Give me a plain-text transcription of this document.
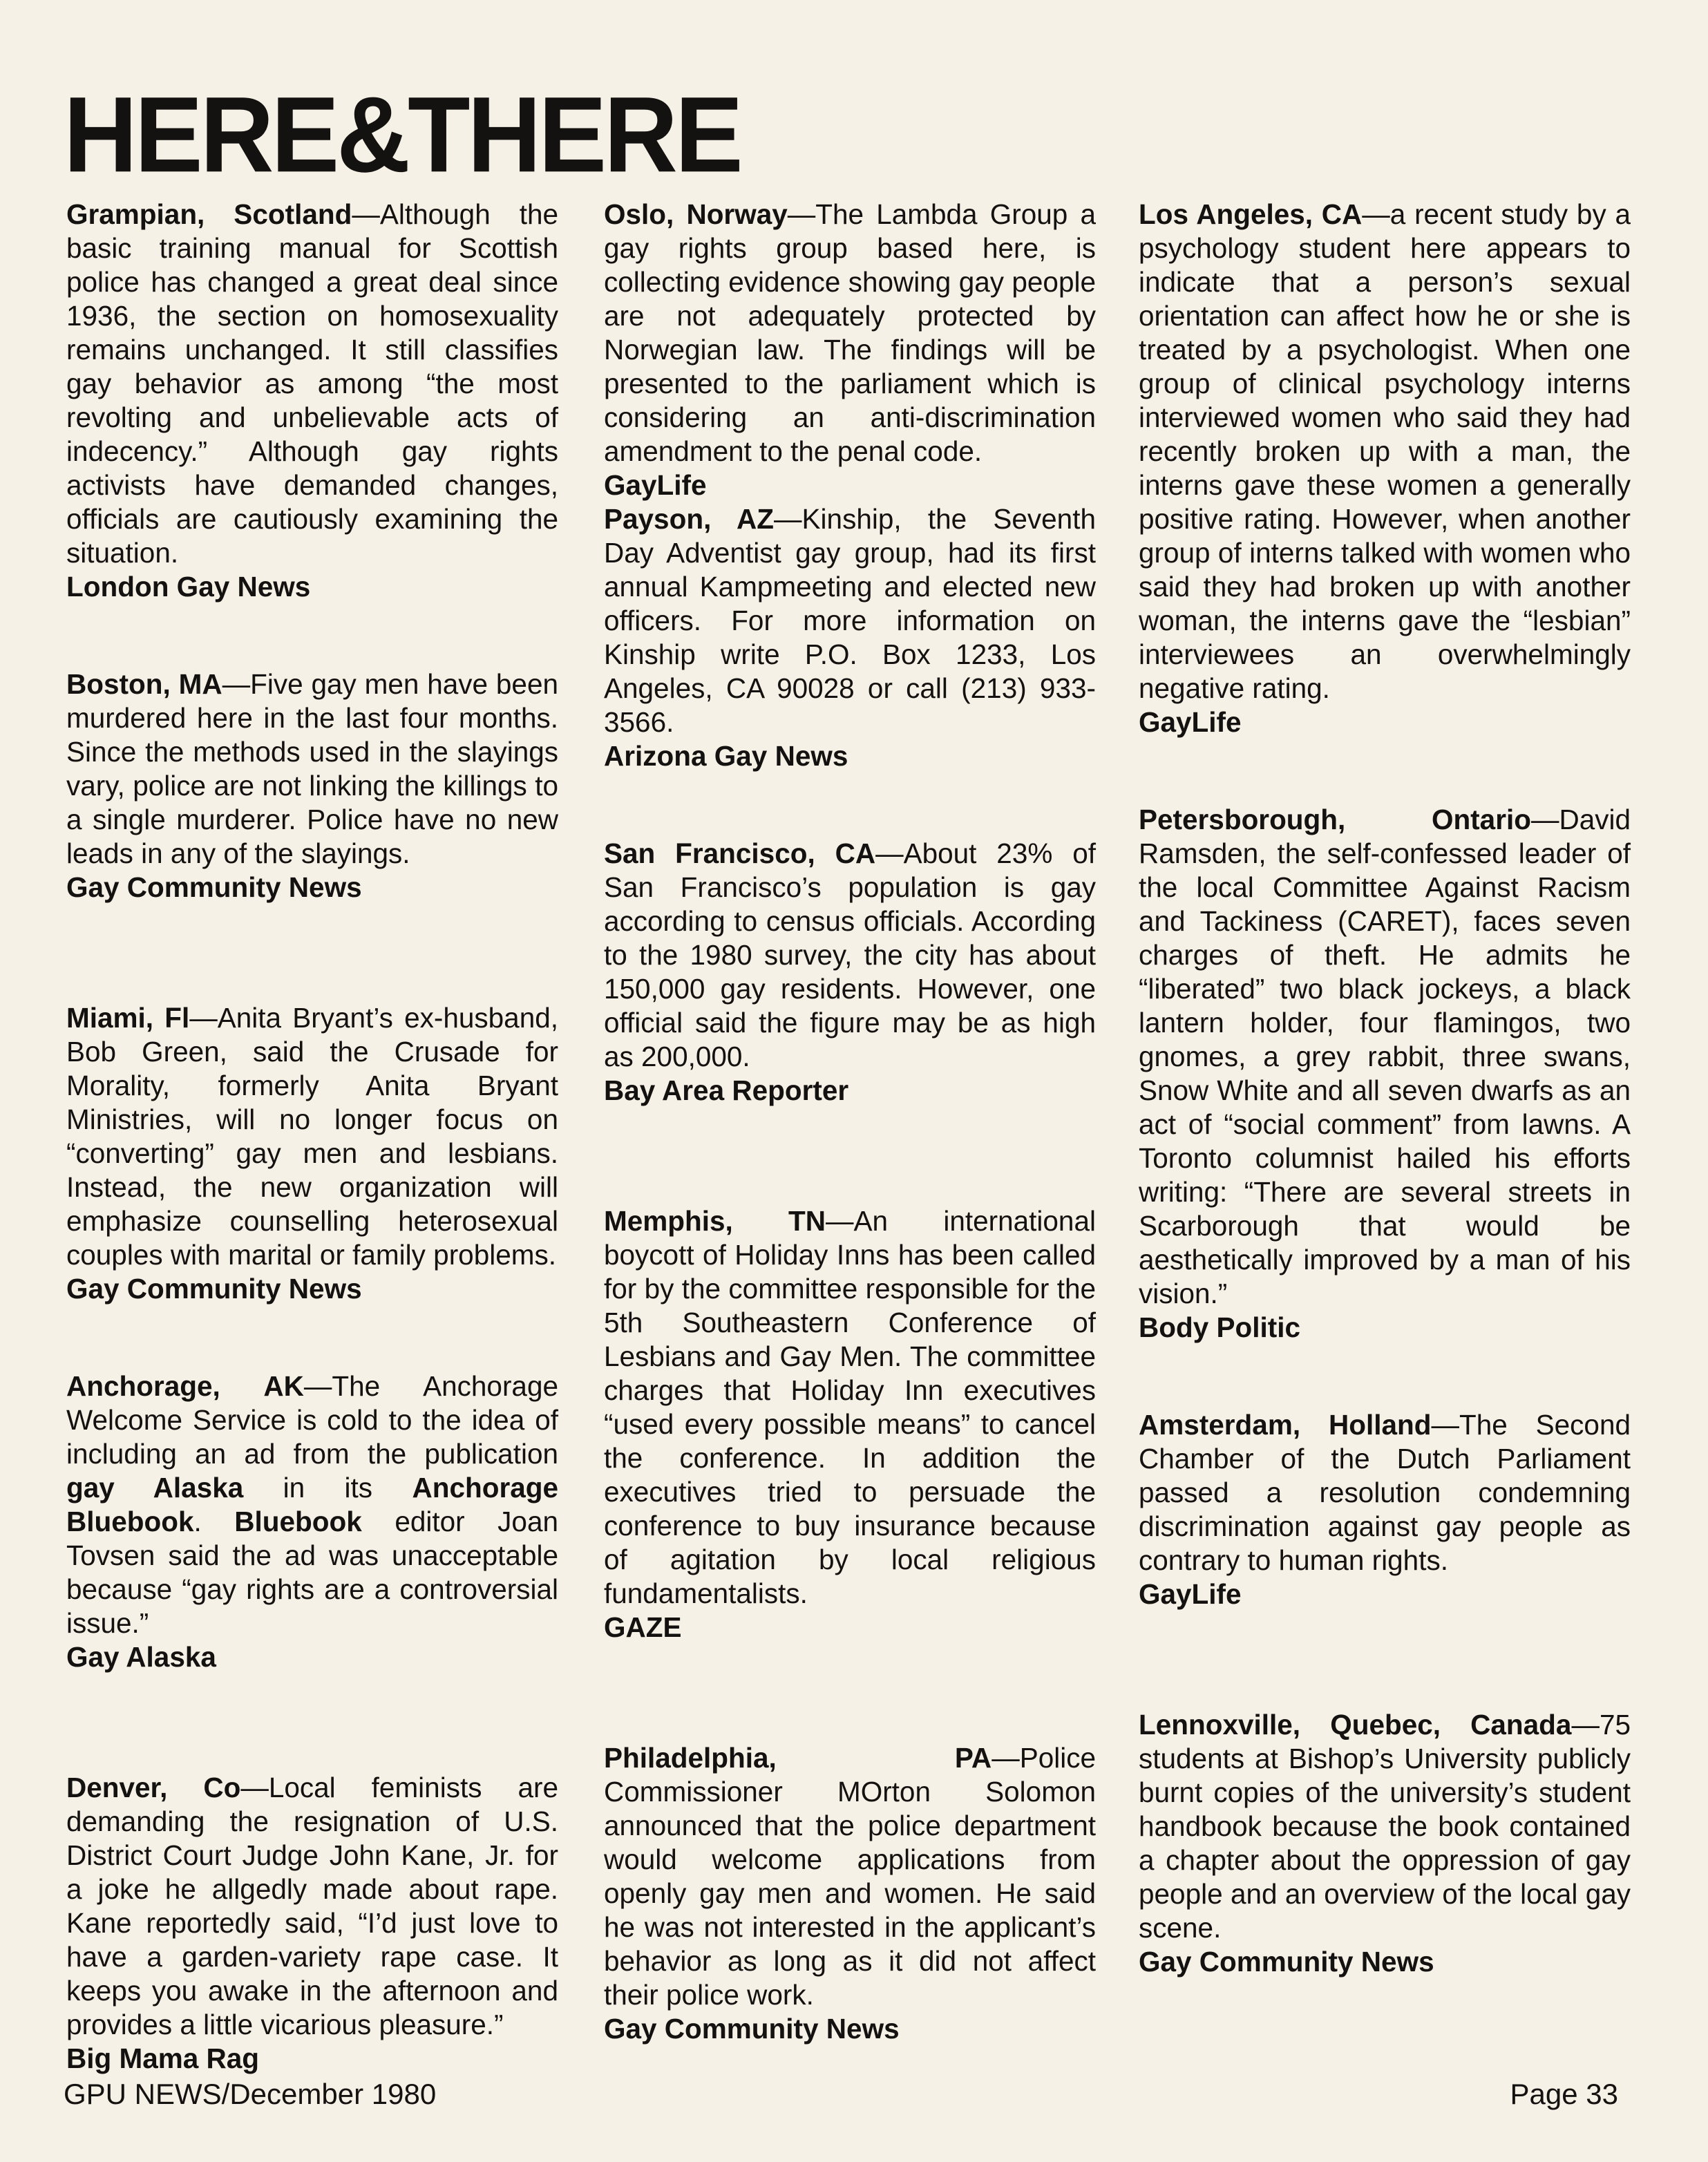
HERE&THERE

Grampian, Scotland—Although the basic training manual for Scottish police has changed a great deal since 1936, the section on homosexuality remains unchanged. It still classifies gay behavior as among “the most revolting and unbelievable acts of indecency.” Although gay rights activists have demanded changes, officials are cautiously examining the situation.

London Gay News

Boston, MA—Five gay men have been murdered here in the last four months. Since the methods used in the slayings vary, police are not linking the killings to a single murderer. Police have no new leads in any of the slayings.

Gay Community News

Miami, Fl—Anita Bryant’s ex-husband, Bob Green, said the Crusade for Morality, formerly Anita Bryant Ministries, will no longer focus on “converting” gay men and lesbians. Instead, the new organization will emphasize counselling heterosexual couples with marital or family problems.

Gay Community News

Anchorage, AK—The Anchorage Welcome Service is cold to the idea of including an ad from the publication gay Alaska in its Anchorage Bluebook. Bluebook editor Joan Tovsen said the ad was unacceptable because “gay rights are a controversial issue.”

Gay Alaska

Denver, Co—Local feminists are demanding the resignation of U.S. District Court Judge John Kane, Jr. for a joke he allgedly made about rape. Kane reportedly said, “I’d just love to have a garden-variety rape case. It keeps you awake in the afternoon and provides a little vicarious pleasure.”

Big Mama Rag

Oslo, Norway—The Lambda Group a gay rights group based here, is collecting evidence showing gay people are not adequately protected by Norwegian law. The findings will be presented to the parliament which is considering an anti-discrimination amendment to the penal code.

GayLife

Payson, AZ—Kinship, the Seventh Day Adventist gay group, had its first annual Kampmeeting and elected new officers. For more information on Kinship write P.O. Box 1233, Los Angeles, CA 90028 or call (213) 933-3566.

Arizona Gay News

San Francisco, CA—About 23% of San Francisco’s population is gay according to census officials. According to the 1980 survey, the city has about 150,000 gay residents. However, one official said the figure may be as high as 200,000.

Bay Area Reporter

Memphis, TN—An international boycott of Holiday Inns has been called for by the committee responsible for the 5th Southeastern Conference of Lesbians and Gay Men. The committee charges that Holiday Inn executives “used every possible means” to cancel the conference. In addition the executives tried to persuade the conference to buy insurance because of agitation by local religious fundamentalists.

GAZE

Philadelphia, PA—Police Commissioner MOrton Solomon announced that the police department would welcome applications from openly gay men and women. He said he was not interested in the applicant’s behavior as long as it did not affect their police work.

Gay Community News

Los Angeles, CA—a recent study by a psychology student here appears to indicate that a person’s sexual orientation can affect how he or she is treated by a psychologist. When one group of clinical psychology interns interviewed women who said they had recently broken up with a man, the interns gave these women a generally positive rating. However, when another group of interns talked with women who said they had broken up with another woman, the interns gave the “lesbian” interviewees an overwhelmingly negative rating.

GayLife

Petersborough, Ontario—David Ramsden, the self-confessed leader of the local Committee Against Racism and Tackiness (CARET), faces seven charges of theft. He admits he “liberated” two black jockeys, a black lantern holder, four flamingos, two gnomes, a grey rabbit, three swans, Snow White and all seven dwarfs as an act of “social comment” from lawns. A Toronto columnist hailed his efforts writing: “There are several streets in Scarborough that would be aesthetically improved by a man of his vision.”

Body Politic

Amsterdam, Holland—The Second Chamber of the Dutch Parliament passed a resolution condemning discrimination against gay people as contrary to human rights.

GayLife

Lennoxville, Quebec, Canada—75 students at Bishop’s University publicly burnt copies of the university’s student handbook because the book contained a chapter about the oppression of gay people and an overview of the local gay scene.

Gay Community News

GPU NEWS/December 1980	Page 33
